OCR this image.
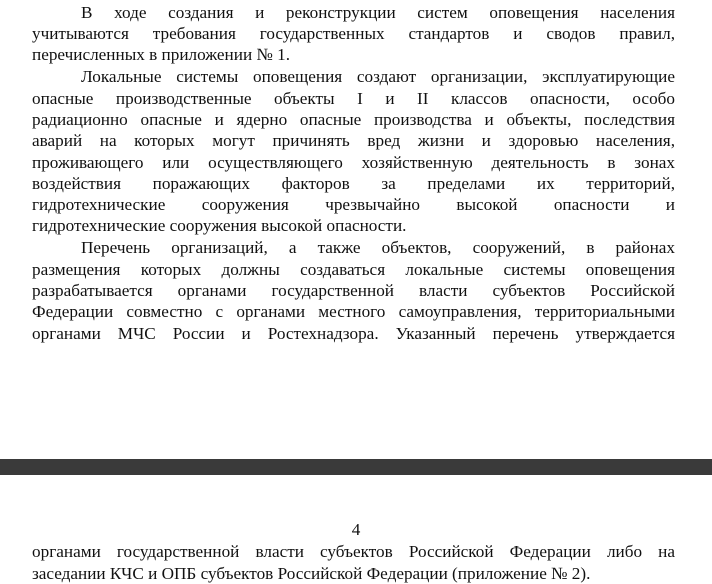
В ходе создания и реконструкции систем оповещения населения
учитываются требования государственных стандартов и сводов правил,
перечисленных в приложении № 1.
Локальные системы оповещения создают организации, эксплуатирующие
опасные производственные объекты I и II классов опасности, особо
радиационно опасные и ядерно опасные производства и объекты, последствия
аварий на которых могут причинять вред жизни и здоровью населения,
проживающего или осуществляющего хозяйственную деятельность в зонах
воздействия поражающих факторов за пределами их территорий,
гидротехнические сооружения чрезвычайно высокой опасности и
гидротехнические сооружения высокой опасности.
Перечень организаций, а также объектов, сооружений, в районах
размещения которых должны создаваться локальные системы оповещения
разрабатывается органами государственной власти субъектов Российской
Федерации совместно с органами местного самоуправления, территориальными
органами МЧС России и Ростехнадзора. Указанный перечень утверждается
4
органами государственной власти субъектов Российской Федерации либо на
заседании КЧС и ОПБ субъектов Российской Федерации (приложение № 2).
